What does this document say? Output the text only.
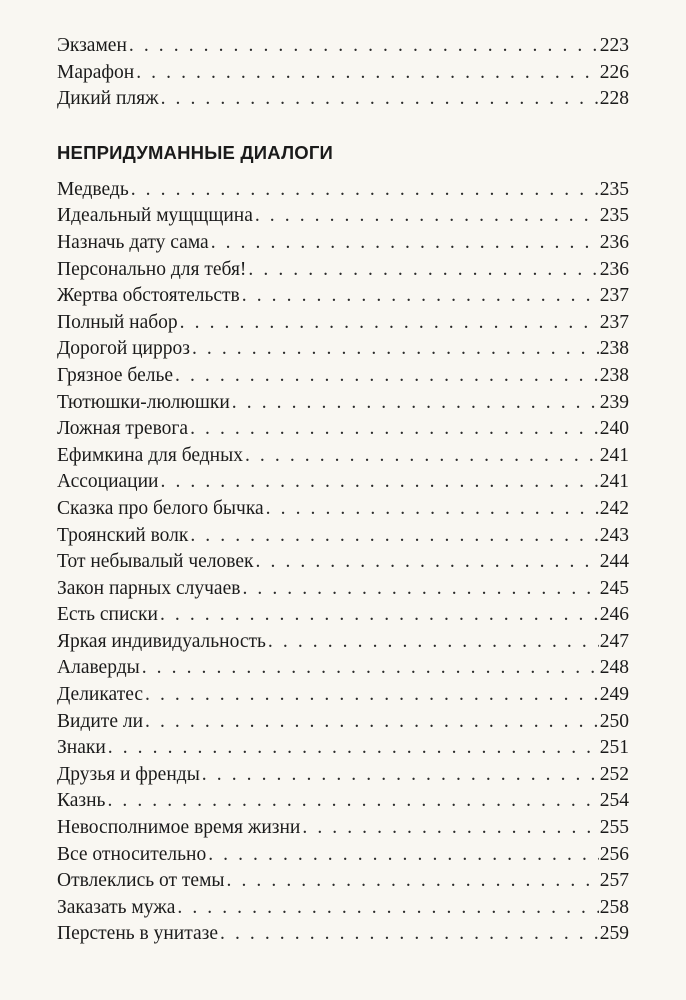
Экзамен . . .	223
Марафон . . .	226
Дикий пляж . . .	228
НЕПРИДУМАННЫЕ ДИАЛОГИ
Медведь . . .	235
Идеальный мущщщина . . .	235
Назначь дату сама . . .	236
Персонально для тебя! . . .	236
Жертва обстоятельств . . .	237
Полный набор . . .	237
Дорогой цирроз . . .	238
Грязное белье . . .	238
Тютюшки-люлюшки . . .	239
Ложная тревога . . .	240
Ефимкина для бедных . . .	241
Ассоциации . . .	241
Сказка про белого бычка . . .	242
Троянский волк . . .	243
Тот небывалый человек . . .	244
Закон парных случаев . . .	245
Есть списки . . .	246
Яркая индивидуальность . . .	247
Алаверды . . .	248
Деликатес . . .	249
Видите ли . . .	250
Знаки . . .	251
Друзья и френды . . .	252
Казнь . . .	254
Невосполнимое время жизни . . .	255
Все относительно . . .	256
Отвлеклись от темы . . .	257
Заказать мужа . . .	258
Перстень в унитазе . . .	259
